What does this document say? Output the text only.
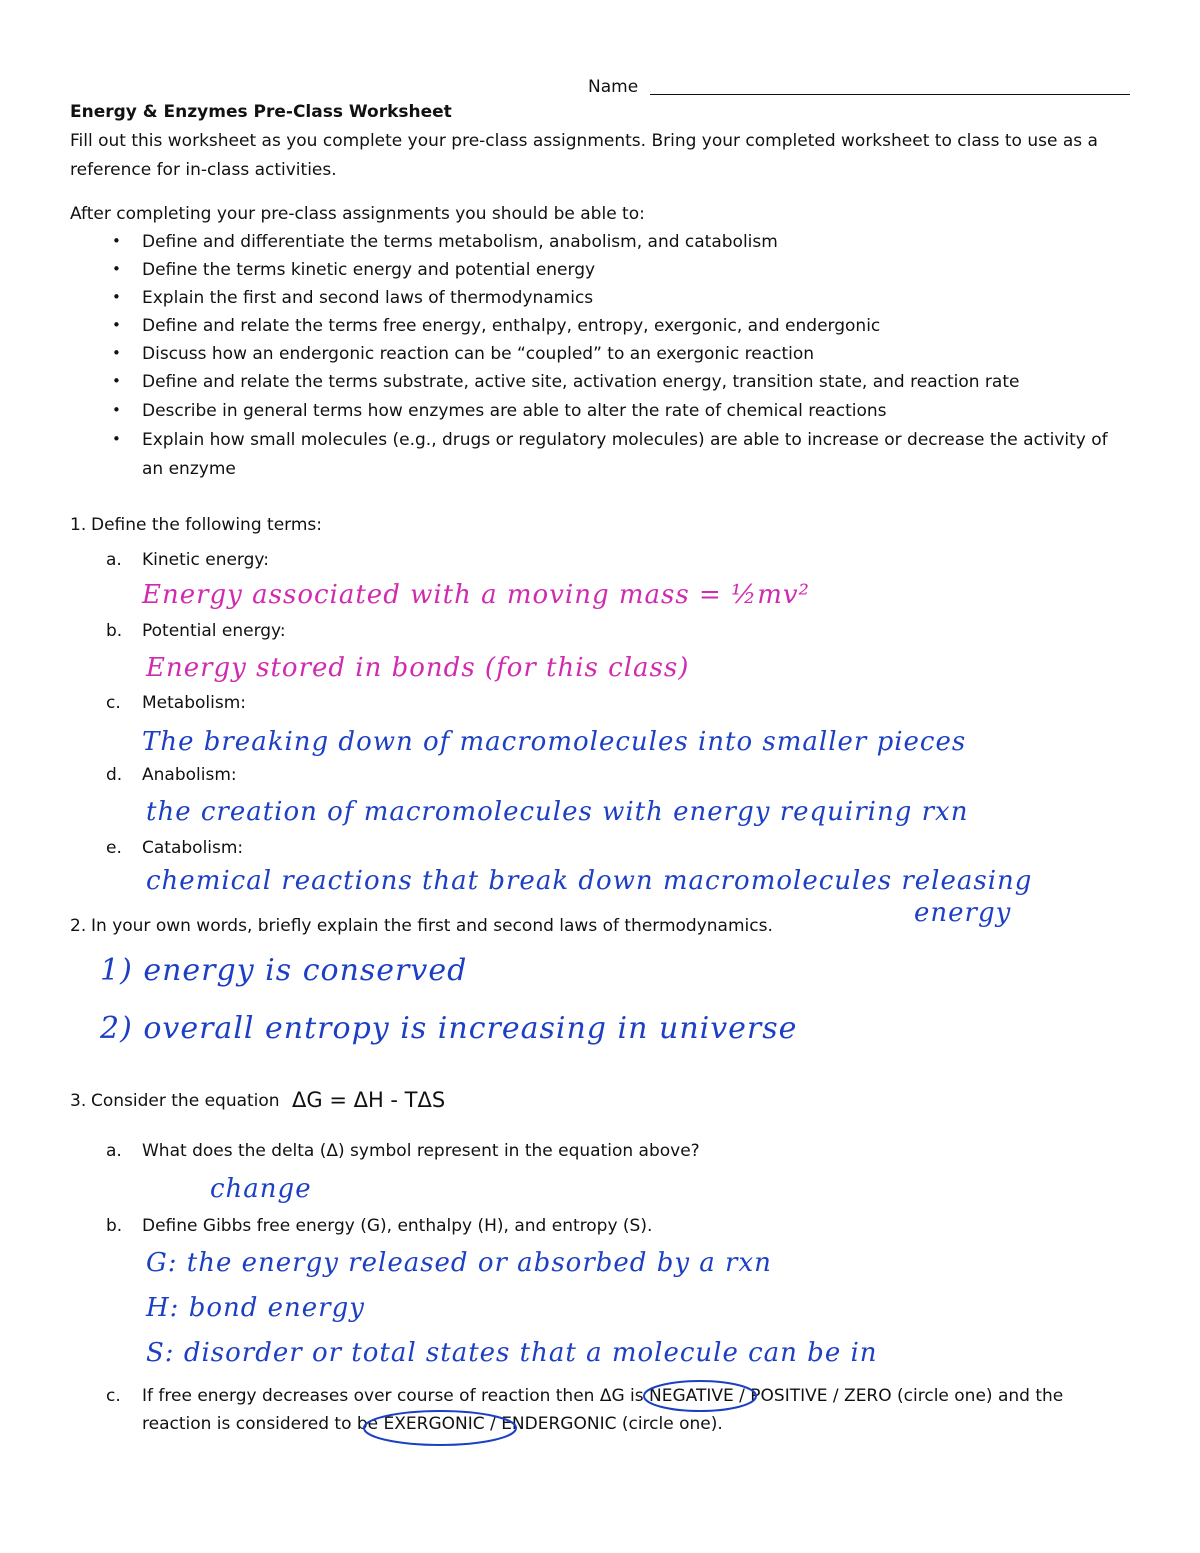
Name
Energy & Enzymes Pre-Class Worksheet
Fill out this worksheet as you complete your pre-class assignments. Bring your completed worksheet to class to use as a
reference for in-class activities.
After completing your pre-class assignments you should be able to:
• Define and differentiate the terms metabolism, anabolism, and catabolism
• Define the terms kinetic energy and potential energy
• Explain the first and second laws of thermodynamics
• Define and relate the terms free energy, enthalpy, entropy, exergonic, and endergonic
• Discuss how an endergonic reaction can be “coupled” to an exergonic reaction
• Define and relate the terms substrate, active site, activation energy, transition state, and reaction rate
• Describe in general terms how enzymes are able to alter the rate of chemical reactions
• Explain how small molecules (e.g., drugs or regulatory molecules) are able to increase or decrease the activity of
an enzyme
1. Define the following terms:
a. Kinetic energy:
Energy associated with a moving mass = ½mv²
b. Potential energy:
Energy stored in bonds (for this class)
c. Metabolism:
The breaking down of macromolecules into smaller pieces
d. Anabolism:
the creation of macromolecules with energy requiring rxn
e. Catabolism:
chemical reactions that break down macromolecules releasing
energy
2. In your own words, briefly explain the first and second laws of thermodynamics.
1) energy is conserved
2) overall entropy is increasing in universe
3. Consider the equation ΔG = ΔH - TΔS
a. What does the delta (Δ) symbol represent in the equation above?
change
b. Define Gibbs free energy (G), enthalpy (H), and entropy (S).
G: the energy released or absorbed by a rxn
H: bond energy
S: disorder or total states that a molecule can be in
c. If free energy decreases over course of reaction then ΔG is NEGATIVE / POSITIVE / ZERO (circle one) and the
reaction is considered to be EXERGONIC / ENDERGONIC (circle one).
